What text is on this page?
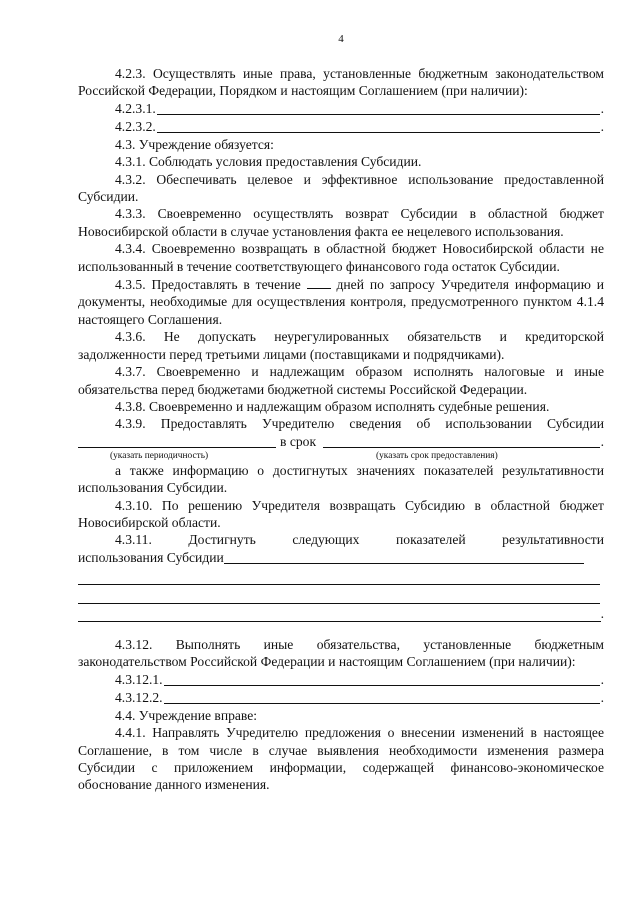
4

4.2.3. Осуществлять иные права, установленные бюджетным законодательством Российской Федерации, Порядком и настоящим Соглашением (при наличии):

4.2.3.1.	.
4.2.3.2.	.

4.3. Учреждение обязуется:

4.3.1. Соблюдать условия предоставления Субсидии.

4.3.2. Обеспечивать целевое и эффективное использование предоставленной Субсидии.

4.3.3. Своевременно осуществлять возврат Субсидии в областной бюджет Новосибирской области в случае установления факта ее нецелевого использования.

4.3.4. Своевременно возвращать в областной бюджет Новосибирской области не использованный в течение соответствующего финансового года остаток Субсидии.

4.3.5. Предоставлять в течение	дней по запросу Учредителя информацию и документы, необходимые для осуществления контроля, предусмотренного пунктом 4.1.4 настоящего Соглашения.

4.3.6. Не допускать неурегулированных обязательств и кредиторской задолженности перед третьими лицами (поставщиками и подрядчиками).

4.3.7. Своевременно и надлежащим образом исполнять налоговые и иные обязательства перед бюджетами бюджетной системы Российской Федерации.

4.3.8. Своевременно и надлежащим образом исполнять судебные решения.

4.3.9. Предоставлять Учредителю сведения об использовании Субсидии

в срок	.
(указать периодичность)	(указать срок предоставления)

а также информацию о достигнутых значениях показателей результативности использования Субсидии.

4.3.10. По решению Учредителя возвращать Субсидию в областной бюджет Новосибирской области.

4.3.11. Достигнуть следующих показателей результативности

использования Субсидии
.

4.3.12. Выполнять иные обязательства, установленные бюджетным законодательством Российской Федерации и настоящим Соглашением (при наличии):

4.3.12.1.	.
4.3.12.2.	.

4.4. Учреждение вправе:

4.4.1. Направлять Учредителю предложения о внесении изменений в настоящее Соглашение, в том числе в случае выявления необходимости изменения размера Субсидии с приложением информации, содержащей финансово-экономическое обоснование данного изменения.
